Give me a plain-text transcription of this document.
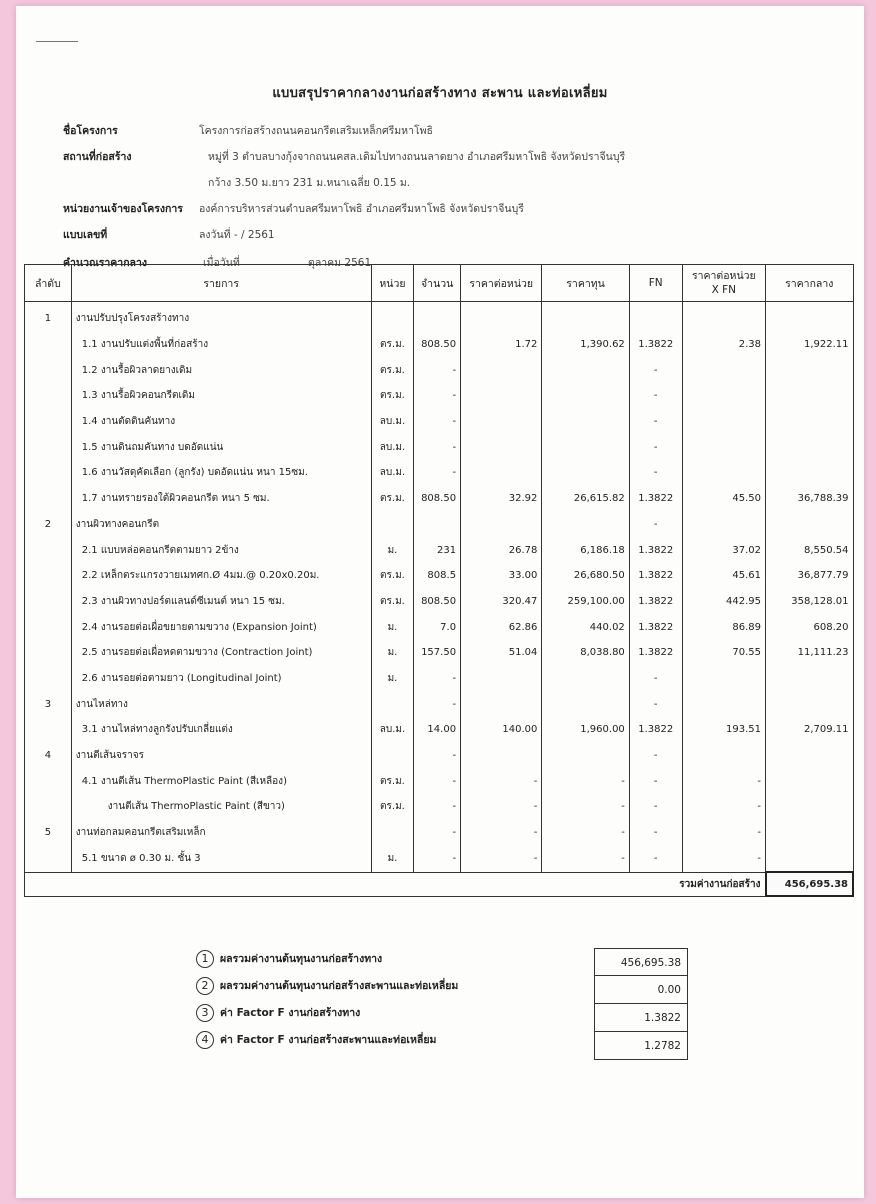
แบบสรุปราคากลางงานก่อสร้างทาง สะพาน และท่อเหลี่ยม
ชื่อโครงการ	โครงการก่อสร้างถนนคอนกรีตเสริมเหล็กศรีมหาโพธิ
สถานที่ก่อสร้าง	หมู่ที่ 3 ตำบลบางกุ้งจากถนนคสล.เดิมไปทางถนนลาดยาง อำเภอศรีมหาโพธิ จังหวัดปราจีนบุรี
กว้าง 3.50 ม.ยาว 231 ม.หนาเฉลี่ย 0.15 ม.
หน่วยงานเจ้าของโครงการ องค์การบริหารส่วนตำบลศรีมหาโพธิ อำเภอศรีมหาโพธิ จังหวัดปราจีนบุรี
แบบเลขที่	ลงวันที่ - / 2561
คำนวณราคากลาง	เมื่อวันที่	ตุลาคม 2561
ลำดับ	รายการ	หน่วย	จำนวน	ราคาต่อหน่วย	ราคาทุน	FN	ราคาต่อหน่วย
X FN	ราคากลาง
1	งานปรับปรุงโครงสร้างทาง							
	1.1 งานปรับแต่งพื้นที่ก่อสร้าง	ตร.ม.	808.50	1.72	1,390.62	1.3822	2.38	1,922.11
	1.2 งานรื้อผิวลาดยางเดิม	ตร.ม.	-			-		
	1.3 งานรื้อผิวคอนกรีตเดิม	ตร.ม.	-			-		
	1.4 งานตัดดินคันทาง	ลบ.ม.	-			-		
	1.5 งานดินถมคันทาง บดอัดแน่น	ลบ.ม.	-			-		
	1.6 งานวัสดุคัดเลือก (ลูกรัง) บดอัดแน่น หนา 15ซม.	ลบ.ม.	-			-		
	1.7 งานทรายรองใต้ผิวคอนกรีต หนา 5 ซม.	ตร.ม.	808.50	32.92	26,615.82	1.3822	45.50	36,788.39
2	งานผิวทางคอนกรีต					-		
	2.1 แบบหล่อคอนกรีตตามยาว 2ข้าง	ม.	231	26.78	6,186.18	1.3822	37.02	8,550.54
	2.2 เหล็กตระแกรงวายเมทศก.Ø 4มม.@ 0.20x0.20ม.	ตร.ม.	808.5	33.00	26,680.50	1.3822	45.61	36,877.79
	2.3 งานผิวทางปอร์ตแลนด์ซีเมนต์ หนา 15 ซม.	ตร.ม.	808.50	320.47	259,100.00	1.3822	442.95	358,128.01
	2.4 งานรอยต่อเผื่อขยายตามขวาง (Expansion Joint)	ม.	7.0	62.86	440.02	1.3822	86.89	608.20
	2.5 งานรอยต่อเผื่อหดตามขวาง (Contraction Joint)	ม.	157.50	51.04	8,038.80	1.3822	70.55	11,111.23
	2.6 งานรอยต่อตามยาว (Longitudinal Joint)	ม.	-			-		
3	งานไหล่ทาง		-			-		
	3.1 งานไหล่ทางลูกรังปรับเกลี่ยแต่ง	ลบ.ม.	14.00	140.00	1,960.00	1.3822	193.51	2,709.11
4	งานตีเส้นจราจร		-			-		
	4.1 งานตีเส้น ThermoPlastic Paint (สีเหลือง)	ตร.ม.	-	-	-	-	-	
	งานตีเส้น ThermoPlastic Paint (สีขาว)	ตร.ม.	-	-	-	-	-	
5	งานท่อกลมคอนกรีตเสริมเหล็ก		-	-	-	-	-	
	5.1 ขนาด ø 0.30 ม. ชั้น 3	ม.	-	-	-	-	-	
	รวมค่างานก่อสร้าง							456,695.38
1 ผลรวมค่างานต้นทุนงานก่อสร้างทาง	456,695.38
2 ผลรวมค่างานต้นทุนงานก่อสร้างสะพานและท่อเหลี่ยม	0.00
3 ค่า Factor F งานก่อสร้างทาง	1.3822
4 ค่า Factor F งานก่อสร้างสะพานและท่อเหลี่ยม	1.2782
